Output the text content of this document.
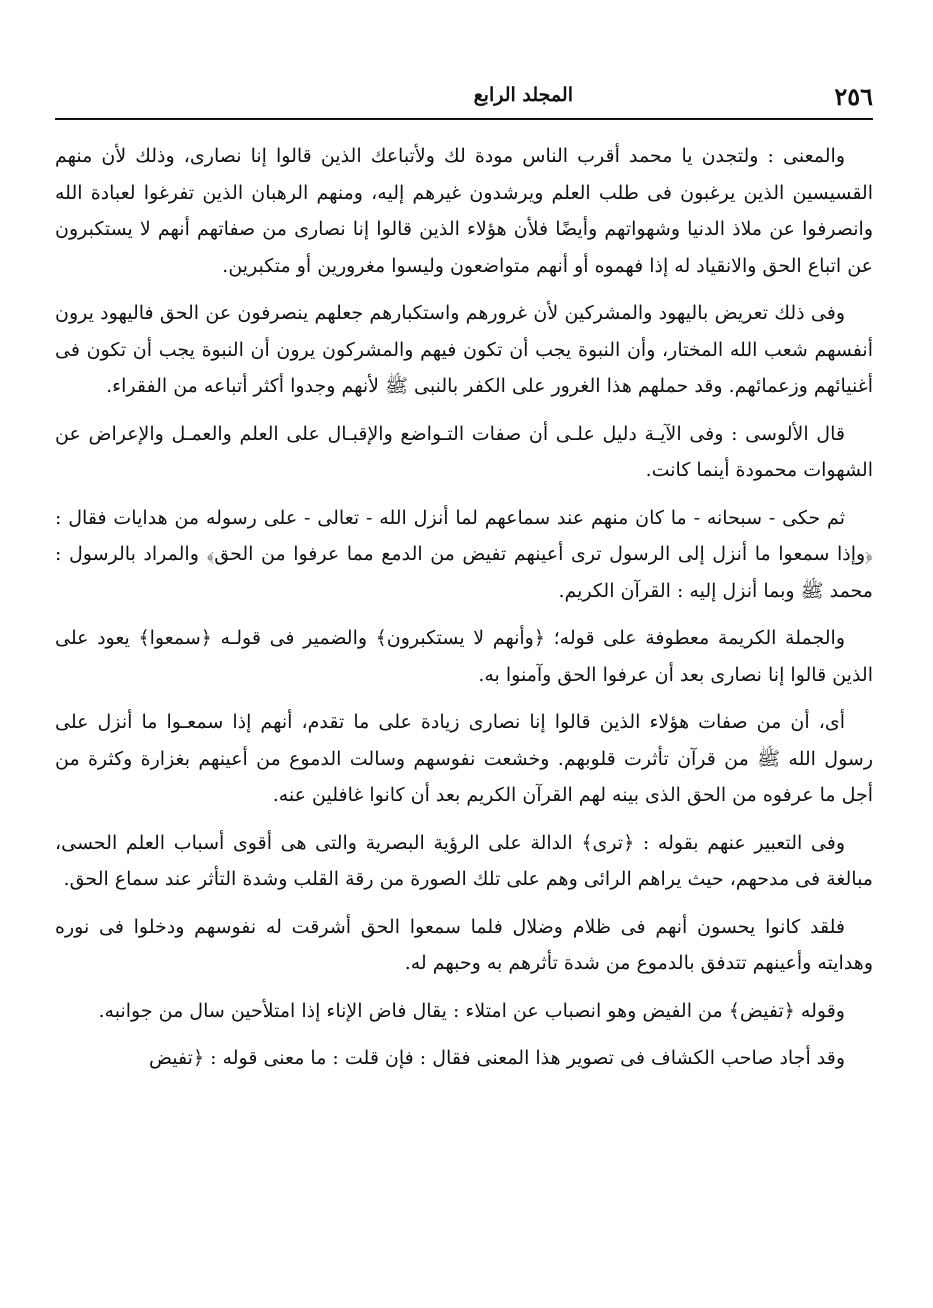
٢٥٦
المجلد الرابع

والمعنى : ولتجدن يا محمد أقرب الناس مودة لك ولأتباعك الذين قالوا إنا نصارى، وذلك لأن منهم القسيسين الذين يرغبون فى طلب العلم ويرشدون غيرهم إليه، ومنهم الرهبان الذين تفرغوا لعبادة الله وانصرفوا عن ملاذ الدنيا وشهواتهم وأيضًا فلأن هؤلاء الذين قالوا إنا نصارى من صفاتهم أنهم لا يستكبرون عن اتباع الحق والانقياد له إذا فهموه أو أنهم متواضعون وليسوا مغرورين أو متكبرين.

وفى ذلك تعريض باليهود والمشركين لأن غرورهم واستكبارهم جعلهم ينصرفون عن الحق فاليهود يرون أنفسهم شعب الله المختار، وأن النبوة يجب أن تكون فيهم والمشركون يرون أن النبوة يجب أن تكون فى أغنيائهم وزعمائهم. وقد حملهم هذا الغرور على الكفر بالنبى ﷺ لأنهم وجدوا أكثر أتباعه من الفقراء.

قال الألوسى : وفى الآيـة دليل علـى أن صفات التـواضع والإقبـال على العلم والعمـل والإعراض عن الشهوات محمودة أينما كانت.

ثم حكى - سبحانه - ما كان منهم عند سماعهم لما أنزل الله - تعالى - على رسوله من هدايات فقال : ﴿وإذا سمعوا ما أنزل إلى الرسول ترى أعينهم تفيض من الدمع مما عرفوا من الحق﴾ والمراد بالرسول : محمد ﷺ وبما أنزل إليه : القرآن الكريم.

والجملة الكريمة معطوفة على قوله؛ ﴿وأنهم لا يستكبرون﴾ والضمير فى قولـه ﴿سمعوا﴾ يعود على الذين قالوا إنا نصارى بعد أن عرفوا الحق وآمنوا به.

أى، أن من صفات هؤلاء الذين قالوا إنا نصارى زيادة على ما تقدم، أنهم إذا سمعـوا ما أنزل على رسول الله ﷺ من قرآن تأثرت قلوبهم. وخشعت نفوسهم وسالت الدموع من أعينهم بغزارة وكثرة من أجل ما عرفوه من الحق الذى بينه لهم القرآن الكريم بعد أن كانوا غافلين عنه.

وفى التعبير عنهم بقوله : ﴿ترى﴾ الدالة على الرؤية البصرية والتى هى أقوى أسباب العلم الحسى، مبالغة فى مدحهم، حيث يراهم الرائى وهم على تلك الصورة من رقة القلب وشدة التأثر عند سماع الحق.

فلقد كانوا يحسون أنهم فى ظلام وضلال فلما سمعوا الحق أشرقت له نفوسهم ودخلوا فى نوره وهدايته وأعينهم تتدفق بالدموع من شدة تأثرهم به وحبهم له.

وقوله ﴿تفيض﴾ من الفيض وهو انصباب عن امتلاء : يقال فاض الإناء إذا امتلأحين سال من جوانبه.

وقد أجاد صاحب الكشاف فى تصوير هذا المعنى فقال : فإن قلت : ما معنى قوله : ﴿تفيض
